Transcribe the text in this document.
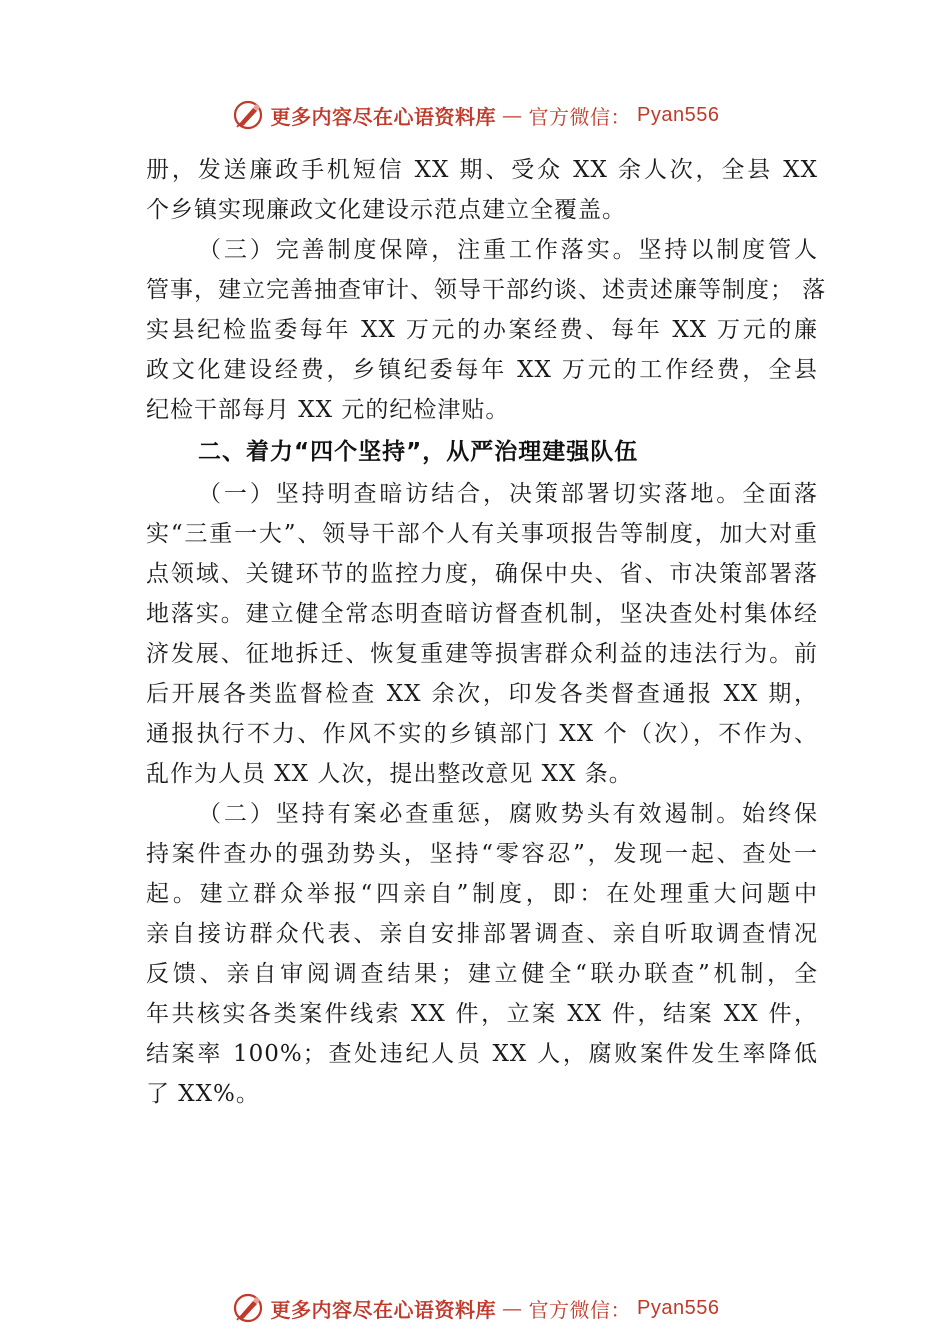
更多内容尽在心语资料库 — 官方微信： Pyan556
册，发送廉政手机短信 XX 期、受众 XX 余人次，全县 XX
个乡镇实现廉政文化建设示范点建立全覆盖。
（三）完善制度保障，注重工作落实。坚持以制度管人
管事，建立完善抽查审计、领导干部约谈、述责述廉等制度； 落
实县纪检监委每年 XX 万元的办案经费、每年 XX 万元的廉
政文化建设经费，乡镇纪委每年 XX 万元的工作经费，全县
纪检干部每月 XX 元的纪检津贴。
二、着力“四个坚持”，从严治理建强队伍
（一）坚持明查暗访结合，决策部署切实落地。全面落
实“三重一大”、领导干部个人有关事项报告等制度，加大对重
点领域、关键环节的监控力度，确保中央、省、市决策部署落
地落实。建立健全常态明查暗访督查机制，坚决查处村集体经
济发展、征地拆迁、恢复重建等损害群众利益的违法行为。前
后开展各类监督检查 XX 余次，印发各类督查通报 XX 期，
通报执行不力、作风不实的乡镇部门 XX 个（次），不作为、
乱作为人员 XX 人次，提出整改意见 XX 条。
（二）坚持有案必查重惩，腐败势头有效遏制。始终保
持案件查办的强劲势头，坚持“零容忍”，发现一起、查处一
起。建立群众举报“四亲自”制度，即：在处理重大问题中
亲自接访群众代表、亲自安排部署调查、亲自听取调查情况
反馈、亲自审阅调查结果；建立健全“联办联查”机制，全
年共核实各类案件线索 XX 件，立案 XX 件，结案 XX 件，
结案率 100%；查处违纪人员 XX 人，腐败案件发生率降低
了 XX%。
更多内容尽在心语资料库 — 官方微信： Pyan556
